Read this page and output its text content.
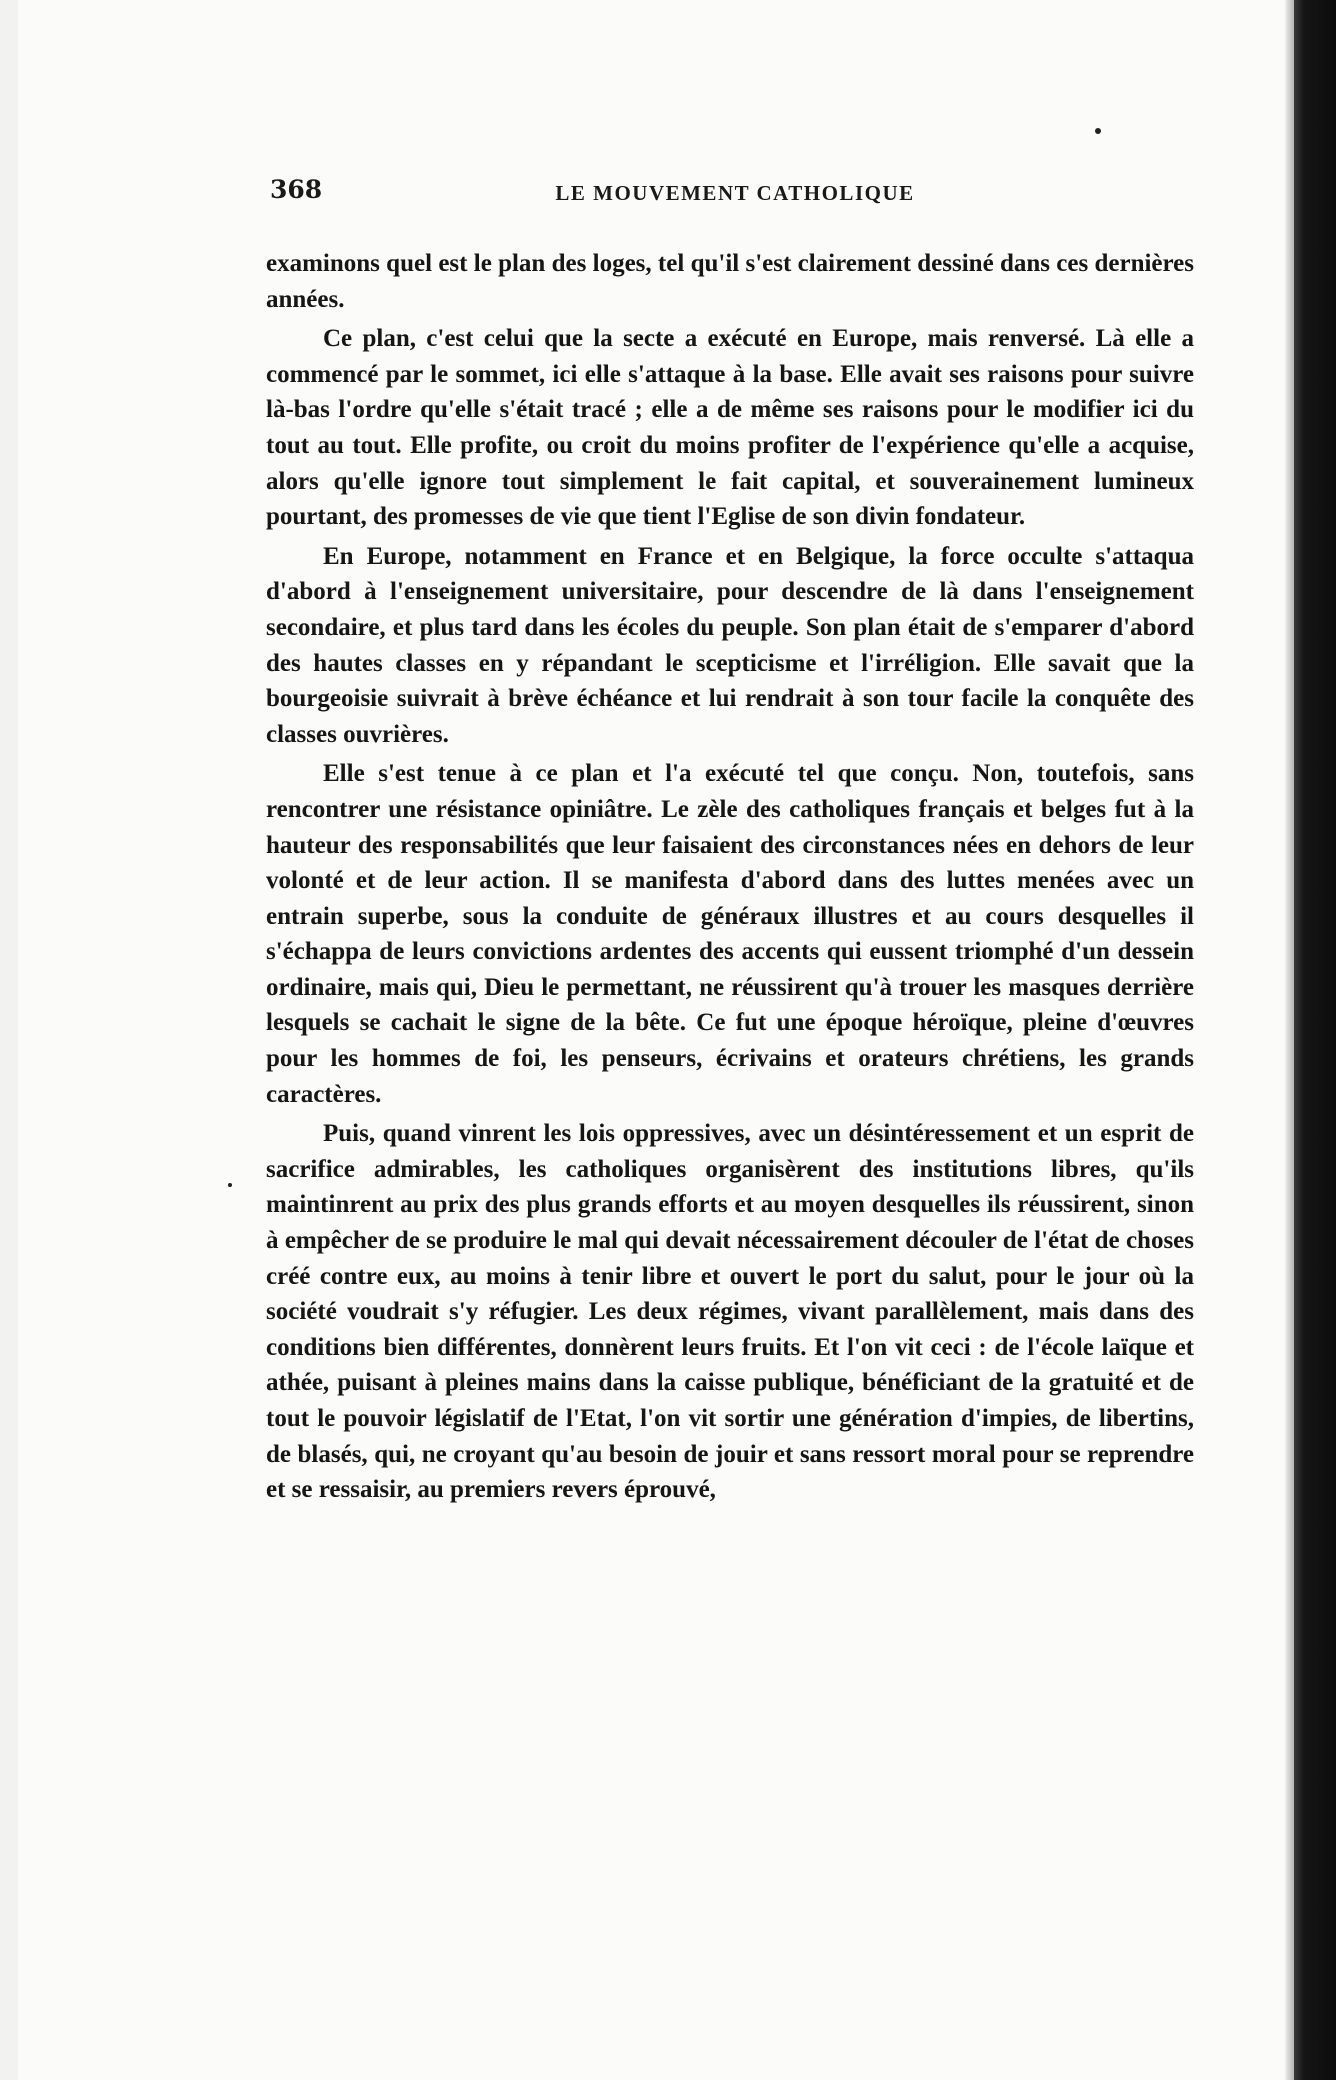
368	LE MOUVEMENT CATHOLIQUE

examinons quel est le plan des loges, tel qu'il s'est clairement dessiné dans ces dernières années.

Ce plan, c'est celui que la secte a exécuté en Europe, mais renversé. Là elle a commencé par le sommet, ici elle s'attaque à la base. Elle avait ses raisons pour suivre là-bas l'ordre qu'elle s'était tracé ; elle a de même ses raisons pour le modifier ici du tout au tout. Elle profite, ou croit du moins profiter de l'expérience qu'elle a acquise, alors qu'elle ignore tout simplement le fait capital, et souverainement lumineux pourtant, des promesses de vie que tient l'Eglise de son divin fondateur.

En Europe, notamment en France et en Belgique, la force occulte s'attaqua d'abord à l'enseignement universitaire, pour descendre de là dans l'enseignement secondaire, et plus tard dans les écoles du peuple. Son plan était de s'emparer d'abord des hautes classes en y répandant le scepticisme et l'irréligion. Elle savait que la bourgeoisie suivrait à brève échéance et lui rendrait à son tour facile la conquête des classes ouvrières.

Elle s'est tenue à ce plan et l'a exécuté tel que conçu. Non, toutefois, sans rencontrer une résistance opiniâtre. Le zèle des catholiques français et belges fut à la hauteur des responsabilités que leur faisaient des circonstances nées en dehors de leur volonté et de leur action. Il se manifesta d'abord dans des luttes menées avec un entrain superbe, sous la conduite de généraux illustres et au cours desquelles il s'échappa de leurs convictions ardentes des accents qui eussent triomphé d'un dessein ordinaire, mais qui, Dieu le permettant, ne réussirent qu'à trouer les masques derrière lesquels se cachait le signe de la bête. Ce fut une époque héroïque, pleine d'œuvres pour les hommes de foi, les penseurs, écrivains et orateurs chrétiens, les grands caractères.

Puis, quand vinrent les lois oppressives, avec un désintéressement et un esprit de sacrifice admirables, les catholiques organisèrent des institutions libres, qu'ils maintinrent au prix des plus grands efforts et au moyen desquelles ils réussirent, sinon à empêcher de se produire le mal qui devait nécessairement découler de l'état de choses créé contre eux, au moins à tenir libre et ouvert le port du salut, pour le jour où la société voudrait s'y réfugier. Les deux régimes, vivant parallèlement, mais dans des conditions bien différentes, donnèrent leurs fruits. Et l'on vit ceci : de l'école laïque et athée, puisant à pleines mains dans la caisse publique, bénéficiant de la gratuité et de tout le pouvoir législatif de l'Etat, l'on vit sortir une génération d'impies, de libertins, de blasés, qui, ne croyant qu'au besoin de jouir et sans ressort moral pour se reprendre et se ressaisir, au premiers revers éprouvé,
